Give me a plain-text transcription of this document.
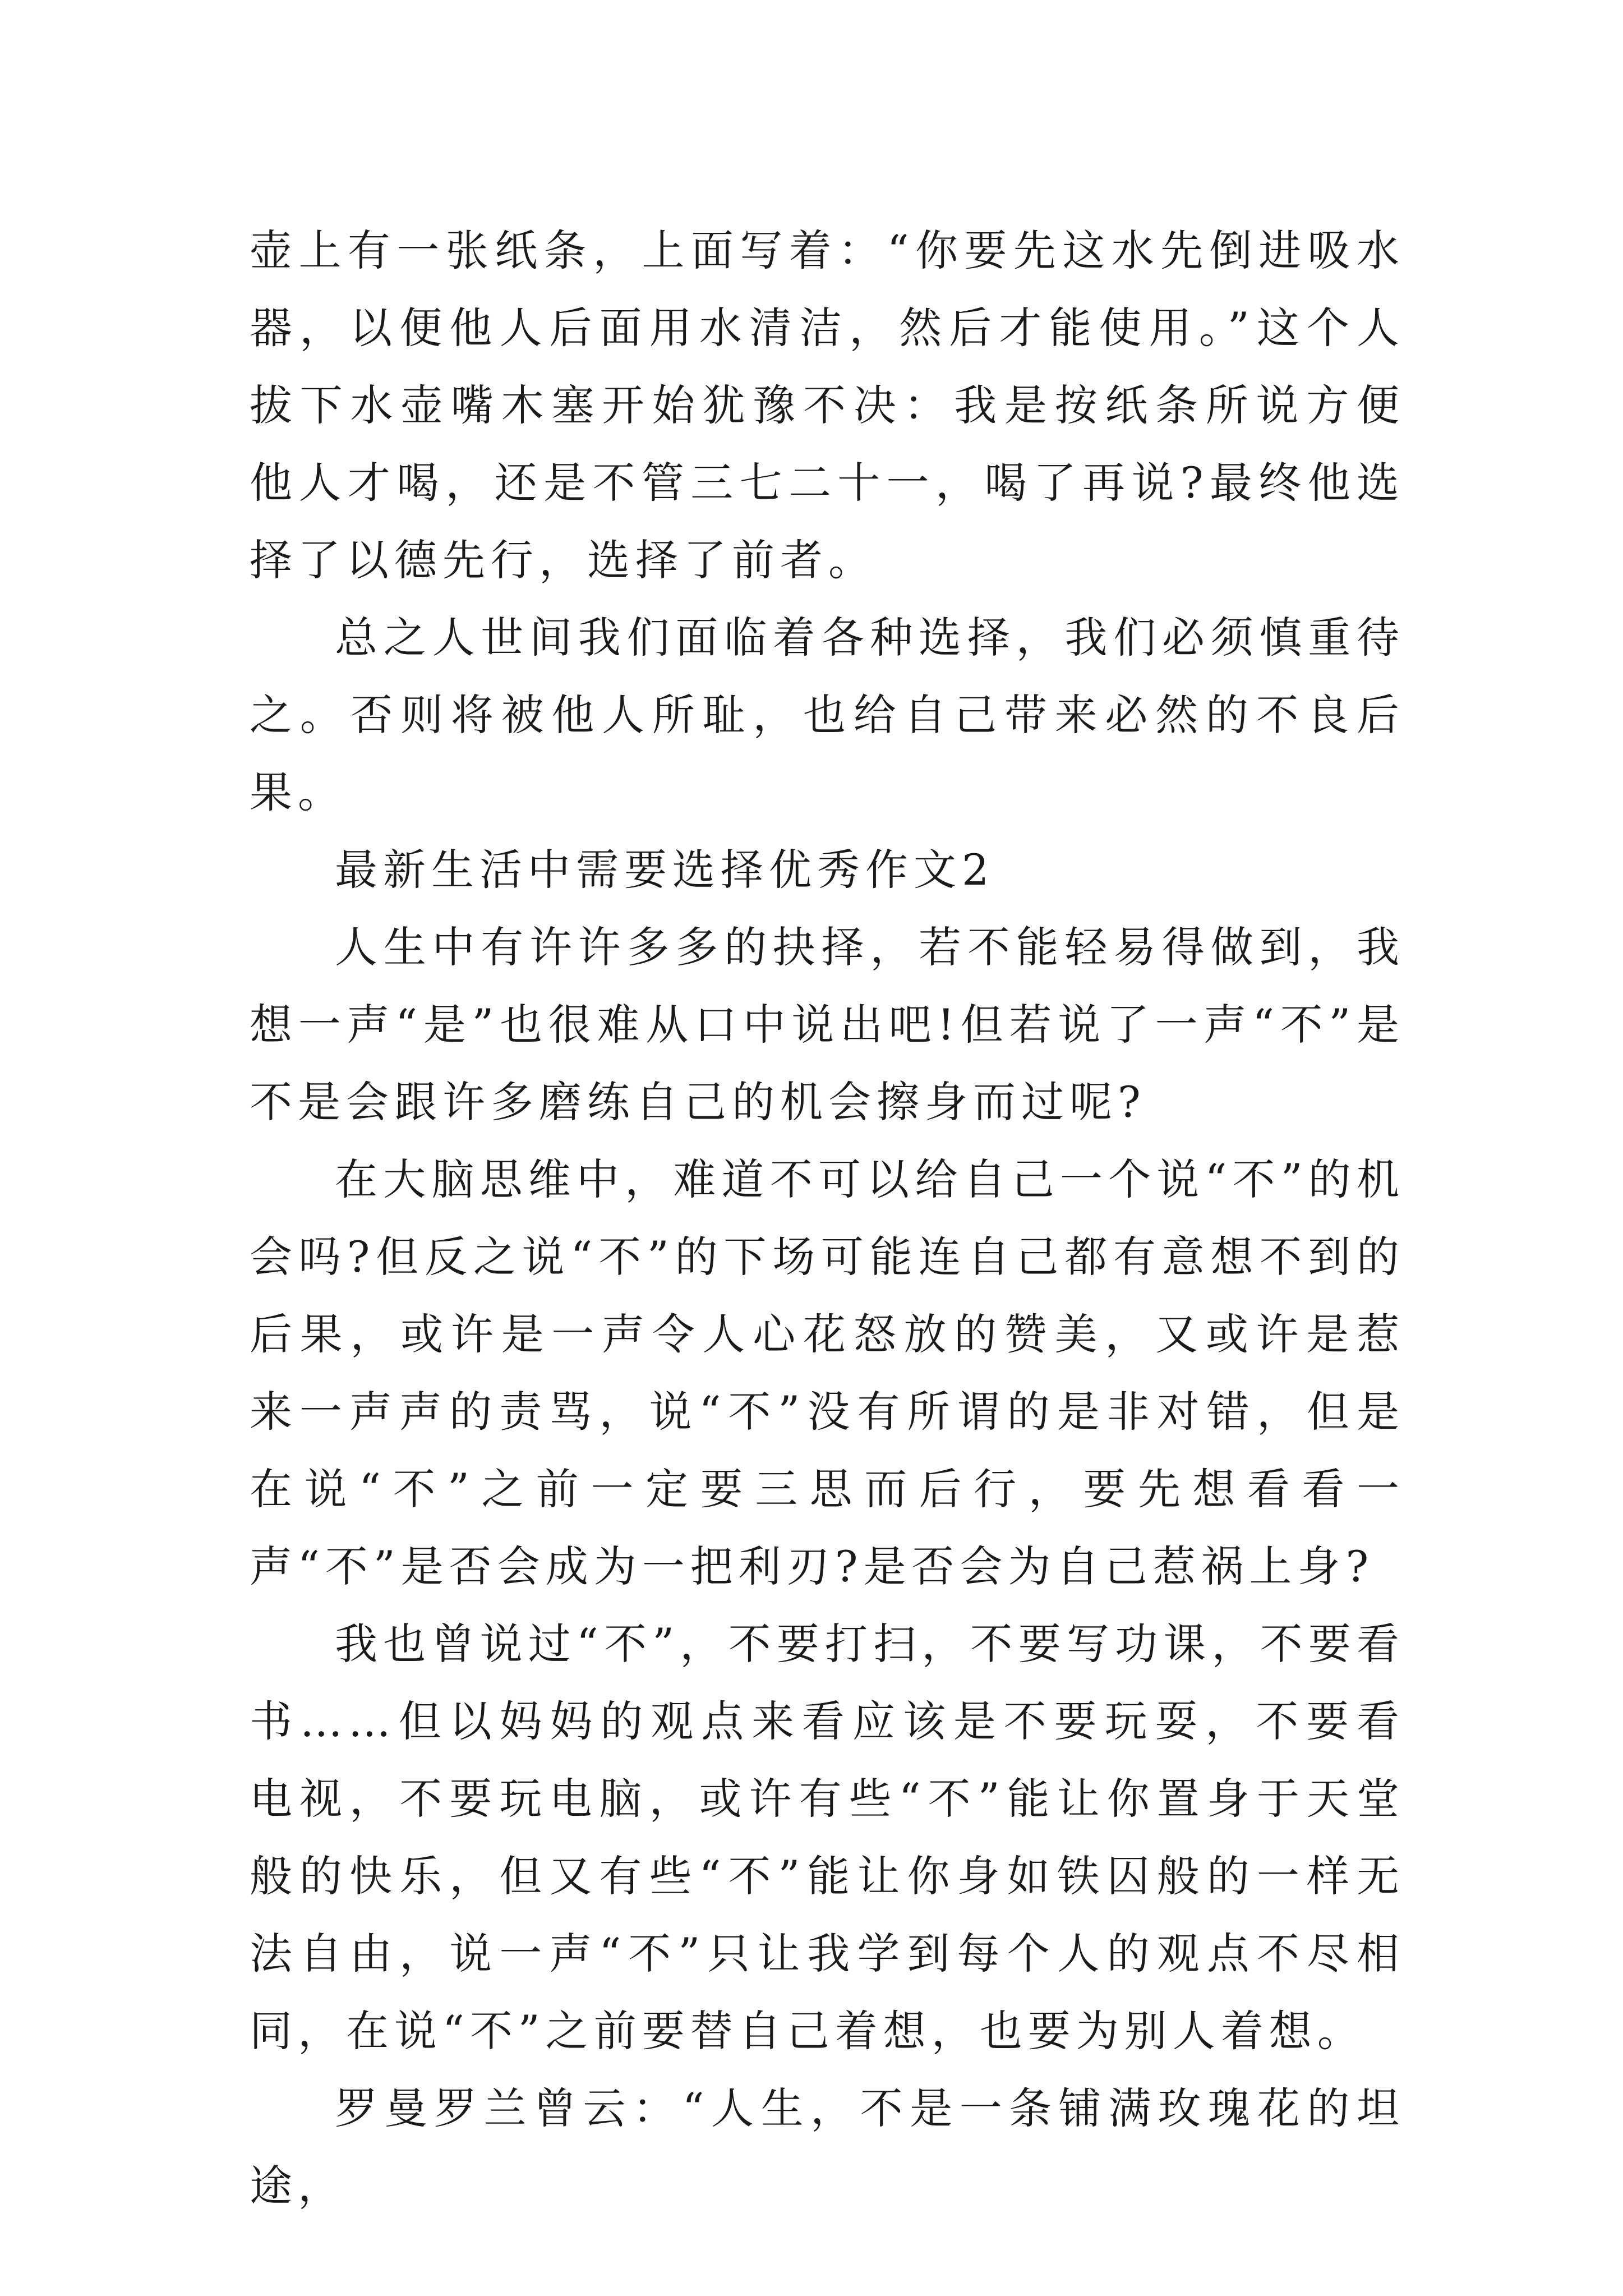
壶上有一张纸条，上面写着：“你要先这水先倒进吸水器，以便他人后面用水清洁，然后才能使用。”这个人拔下水壶嘴木塞开始犹豫不决：我是按纸条所说方便他人才喝，还是不管三七二十一，喝了再说?最终他选择了以德先行，选择了前者。

总之人世间我们面临着各种选择，我们必须慎重待之。否则将被他人所耻，也给自己带来必然的不良后果。

最新生活中需要选择优秀作文2

人生中有许许多多的抉择，若不能轻易得做到，我想一声“是”也很难从口中说出吧!但若说了一声“不”是不是会跟许多磨练自己的机会擦身而过呢?

在大脑思维中，难道不可以给自己一个说“不”的机会吗?但反之说“不”的下场可能连自己都有意想不到的后果，或许是一声令人心花怒放的赞美，又或许是惹来一声声的责骂，说“不”没有所谓的是非对错，但是在说“不”之前一定要三思而后行，要先想看看一声“不”是否会成为一把利刃?是否会为自己惹祸上身?

我也曾说过“不”，不要打扫，不要写功课，不要看书……但以妈妈的观点来看应该是不要玩耍，不要看电视，不要玩电脑，或许有些“不”能让你置身于天堂般的快乐，但又有些“不”能让你身如铁囚般的一样无法自由，说一声“不”只让我学到每个人的观点不尽相同，在说“不”之前要替自己着想，也要为别人着想。

罗曼罗兰曾云：“人生，不是一条铺满玫瑰花的坦途，
